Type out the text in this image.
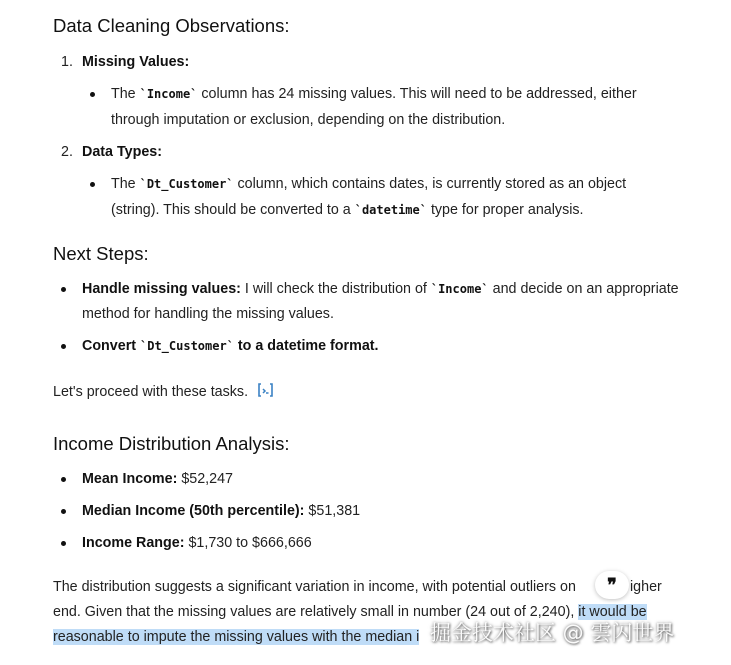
Data Cleaning Observations:
1. Missing Values:
The `Income` column has 24 missing values. This will need to be addressed, either
through imputation or exclusion, depending on the distribution.
2. Data Types:
The `Dt_Customer` column, which contains dates, is currently stored as an object
(string). This should be converted to a `datetime` type for proper analysis.
Next Steps:
Handle missing values: I will check the distribution of `Income` and decide on an appropriate
method for handling the missing values.
Convert `Dt_Customer` to a datetime format.
Let's proceed with these tasks.
Income Distribution Analysis:
Mean Income: $52,247
Median Income (50th percentile): $51,381
Income Range: $1,730 to $666,666
The distribution suggests a significant variation in income, with potential outliers on	igher
end. Given that the missing values are relatively small in number (24 out of 2,240), it would be
reasonable to impute the missing values with the median i
❞
掘金技术社区 @ 雲闪世界
